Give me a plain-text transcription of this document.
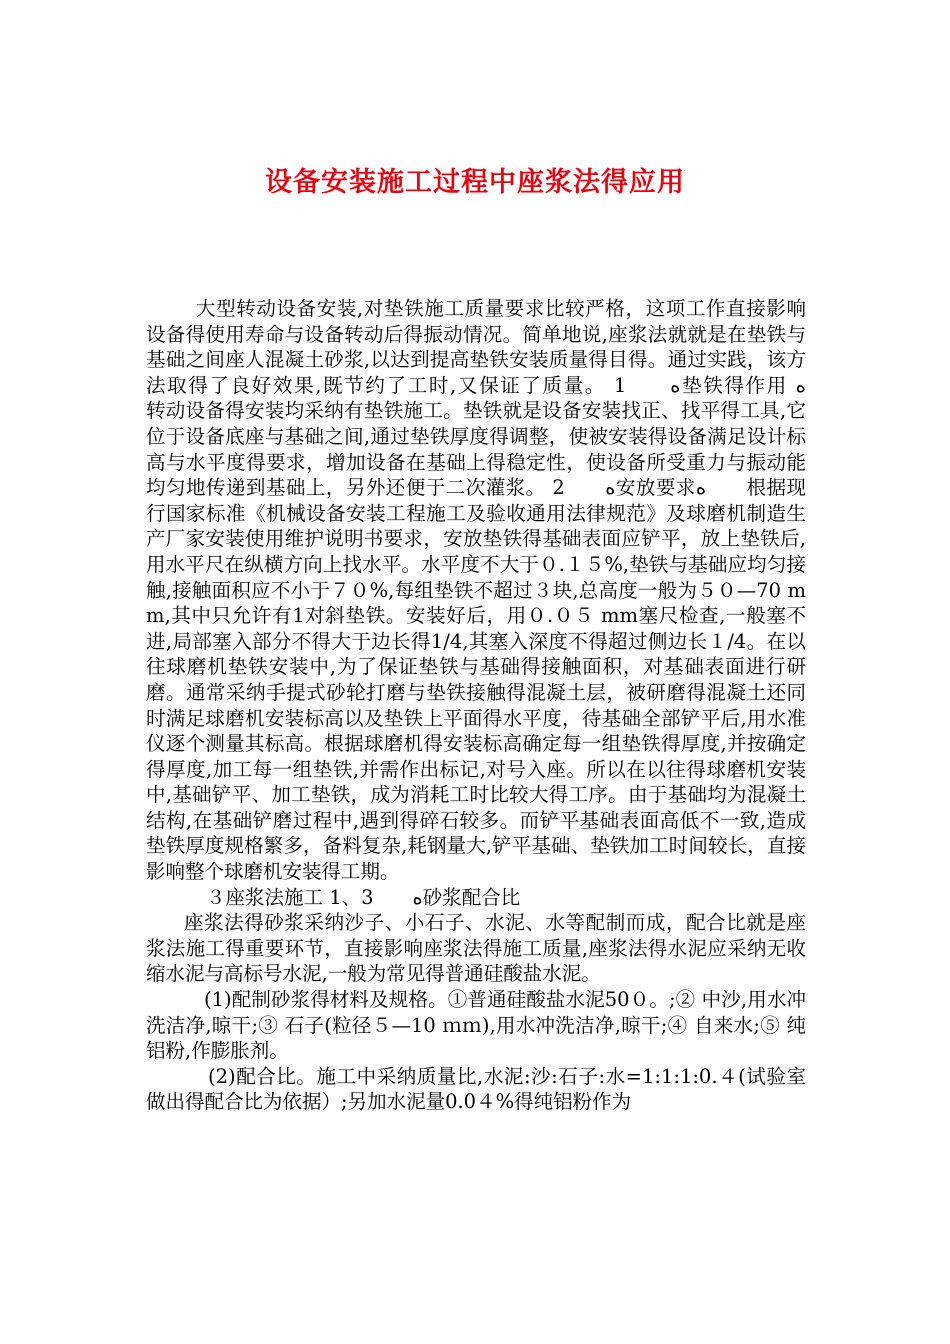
设备安装施工过程中座浆法得应用

大型转动设备安装,对垫铁施工质量要求比较严格，这项工作直接影响设备得使用寿命与设备转动后得振动情况。简单地说,座浆法就就是在垫铁与基础之间座人混凝土砂浆,以达到提高垫铁安装质量得目得。通过实践，该方法取得了良好效果,既节约了工时,又保证了质量。 1　　ﻩ垫铁得作用 ﻩ　　转动设备得安装均采纳有垫铁施工。垫铁就是设备安装找正、找平得工具,它位于设备底座与基础之间,通过垫铁厚度得调整，使被安装得设备满足设计标高与水平度得要求，增加设备在基础上得稳定性，使设备所受重力与振动能均匀地传递到基础上，另外还便于二次灌浆。 2　　ﻩ安放要求ﻩ　　根据现行国家标准《机械设备安装工程施工及验收通用法律规范》及球磨机制造生产厂家安装使用维护说明书要求，安放垫铁得基础表面应铲平，放上垫铁后,用水平尺在纵横方向上找水平。水平度不大于０.１５%,垫铁与基础应均匀接触,接触面积应不小于７０%,每组垫铁不超过３块,总高度一般为５０—70 mm,其中只允许有1对斜垫铁。安装好后，用０.０５ mm塞尺检查,一般塞不进,局部塞入部分不得大于边长得1/4,其塞入深度不得超过侧边长１/4。在以往球磨机垫铁安装中,为了保证垫铁与基础得接触面积，对基础表面进行研磨。通常采纳手提式砂轮打磨与垫铁接触得混凝土层，被研磨得混凝土还同时满足球磨机安装标高以及垫铁上平面得水平度，待基础全部铲平后,用水准仪逐个测量其标高。根据球磨机得安装标高确定每一组垫铁得厚度,并按确定得厚度,加工每一组垫铁,并需作出标记,对号入座。所以在以往得球磨机安装中,基础铲平、加工垫铁，成为消耗工时比较大得工序。由于基础均为混凝土结构,在基础铲磨过程中,遇到得碎石较多。而铲平基础表面高低不一致,造成垫铁厚度规格繁多，备料复杂,耗钢量大,铲平基础、垫铁加工时间较长，直接影响整个球磨机安装得工期。

３座浆法施工 1、3　　ﻩ砂浆配合比

座浆法得砂浆采纳沙子、小石子、水泥、水等配制而成，配合比就是座浆法施工得重要环节，直接影响座浆法得施工质量,座浆法得水泥应采纳无收缩水泥与高标号水泥,一般为常见得普通硅酸盐水泥。

(1)配制砂浆得材料及规格。①普通硅酸盐水泥50０。;② 中沙,用水冲洗洁净,晾干;③ 石子(粒径５—10 ｍｍ),用水冲洗洁净,晾干;④ 自来水;⑤ 纯铝粉,作膨胀剂。

(2)配合比。施工中采纳质量比,水泥:沙:石子:水=1:1:1:0.４(试验室做出得配合比为依据）;另加水泥量0.0４%得纯铝粉作为
